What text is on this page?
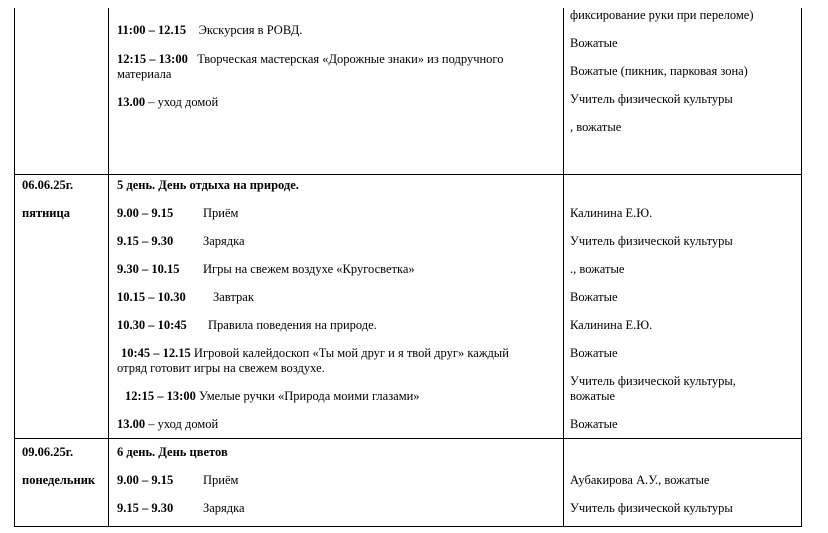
11:00 – 12.15 Экскурсия в РОВД.
12:15 – 13:00 Творческая мастерская «Дорожные знаки» из подручного
материала
13.00 – уход домой
фиксирование руки при переломе)
Вожатые
Вожатые (пикник, парковая зона)
Учитель физической культуры
, вожатые
06.06.25г.
пятница
5 день. День отдыха на природе.
9.00 – 9.15 Приём
9.15 – 9.30 Зарядка
9.30 – 10.15 Игры на свежем воздухе «Кругосветка»
10.15 – 10.30 Завтрак
10.30 – 10:45 Правила поведения на природе.
10:45 – 12.15 Игровой калейдоскоп «Ты мой друг и я твой друг» каждый
отряд готовит игры на свежем воздухе.
12:15 – 13:00 Умелые ручки «Природа моими глазами»
13.00 – уход домой
Калинина Е.Ю.
Учитель физической культуры
., вожатые
Вожатые
Калинина Е.Ю.
Вожатые
Учитель физической культуры,
вожатые
Вожатые
09.06.25г.
понедельник
6 день. День цветов
9.00 – 9.15 Приём
9.15 – 9.30 Зарядка
Аубакирова А.У., вожатые
Учитель физической культуры
